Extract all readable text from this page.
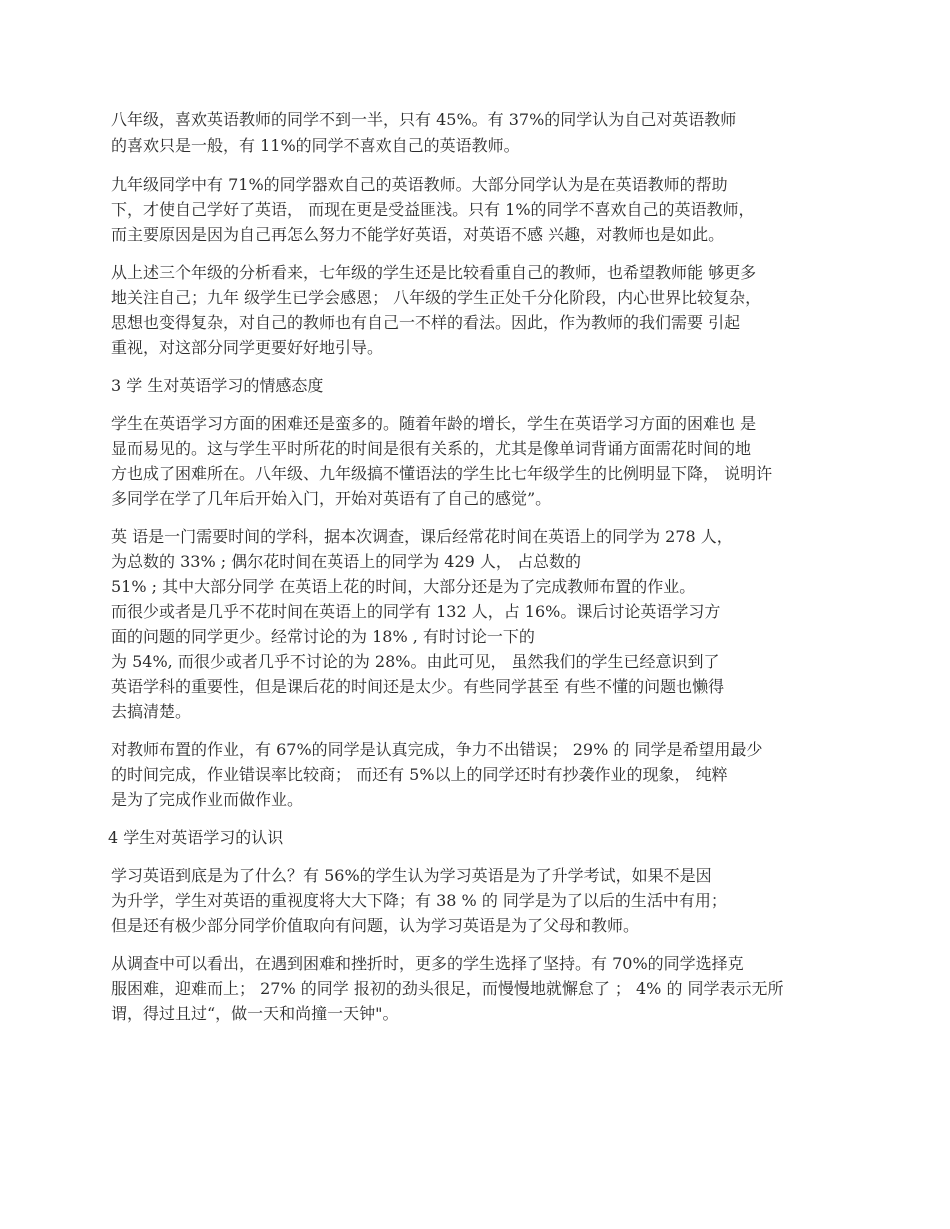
八年级，喜欢英语教师的同学不到一半，只有 45%。有 37%的同学认为自己对英语教师
的喜欢只是一般，有 11%的同学不喜欢自己的英语教师。
九年级同学中有 71%的同学器欢自己的英语教师。大部分同学认为是在英语教师的帮助
下，才使自己学好了英语， 而现在更是受益匪浅。只有 1%的同学不喜欢自己的英语教师，
而主要原因是因为自己再怎么努力不能学好英语，对英语不感 兴趣，对教师也是如此。
从上述三个年级的分析看来，七年级的学生还是比较看重自己的教师，也希望教师能 够更多
地关注自己；九年 级学生已学会感恩； 八年级的学生正处千分化阶段，内心世界比较复杂，
思想也变得复杂，对自己的教师也有自己一不样的看法。因此，作为教师的我们需要 引起
重视，对这部分同学更要好好地引导。
3 学 生对英语学习的情感态度
学生在英语学习方面的困难还是蛮多的。随着年龄的增长，学生在英语学习方面的困难也 是
显而易见的。这与学生平时所花的时间是很有关系的，尤其是像单词背诵方面需花时间的地
方也成了困难所在。八年级、九年级搞不懂语法的学生比七年级学生的比例明显下降， 说明许
多同学在学了几年后开始入门，开始对英语有了自己的感觉”。
英 语是一门需要时间的学科，据本次调查，课后经常花时间在英语上的同学为 278 人，
为总数的 33% ; 偶尔花时间在英语上的同学为 429 人， 占总数的
51% ; 其中大部分同学 在英语上花的时间，大部分还是为了完成教师布置的作业。
而很少或者是几乎不花时间在英语上的同学有 132 人，占 16%。课后讨论英语学习方
面的问题的同学更少。经常讨论的为 18% , 有时讨论一下的
为 54%, 而很少或者几乎不讨论的为 28%。由此可见， 虽然我们的学生已经意识到了
英语学科的重要性，但是课后花的时间还是太少。有些同学甚至 有些不懂的问题也懒得
去搞清楚。
对教师布置的作业，有 67%的同学是认真完成，争力不出错误； 29% 的 同学是希望用最少
的时间完成，作业错误率比较商； 而还有 5%以上的同学还时有抄袭作业的现象， 纯粹
是为了完成作业而做作业。
4 学生对英语学习的认识
学习英语到底是为了什么？有 56%的学生认为学习英语是为了升学考试，如果不是因
为升学，学生对英语的重视度将大大下降；有 38 % 的 同学是为了以后的生活中有用；
但是还有极少部分同学价值取向有问题，认为学习英语是为了父母和教师。
从调查中可以看出，在遇到困难和挫折时，更多的学生选择了坚持。有 70%的同学选择克
服困难，迎难而上； 27% 的同学 报初的劲头很足，而慢慢地就懈怠了 ； 4% 的 同学表示无所
谓，得过且过“，做一天和尚撞一天钟"。
